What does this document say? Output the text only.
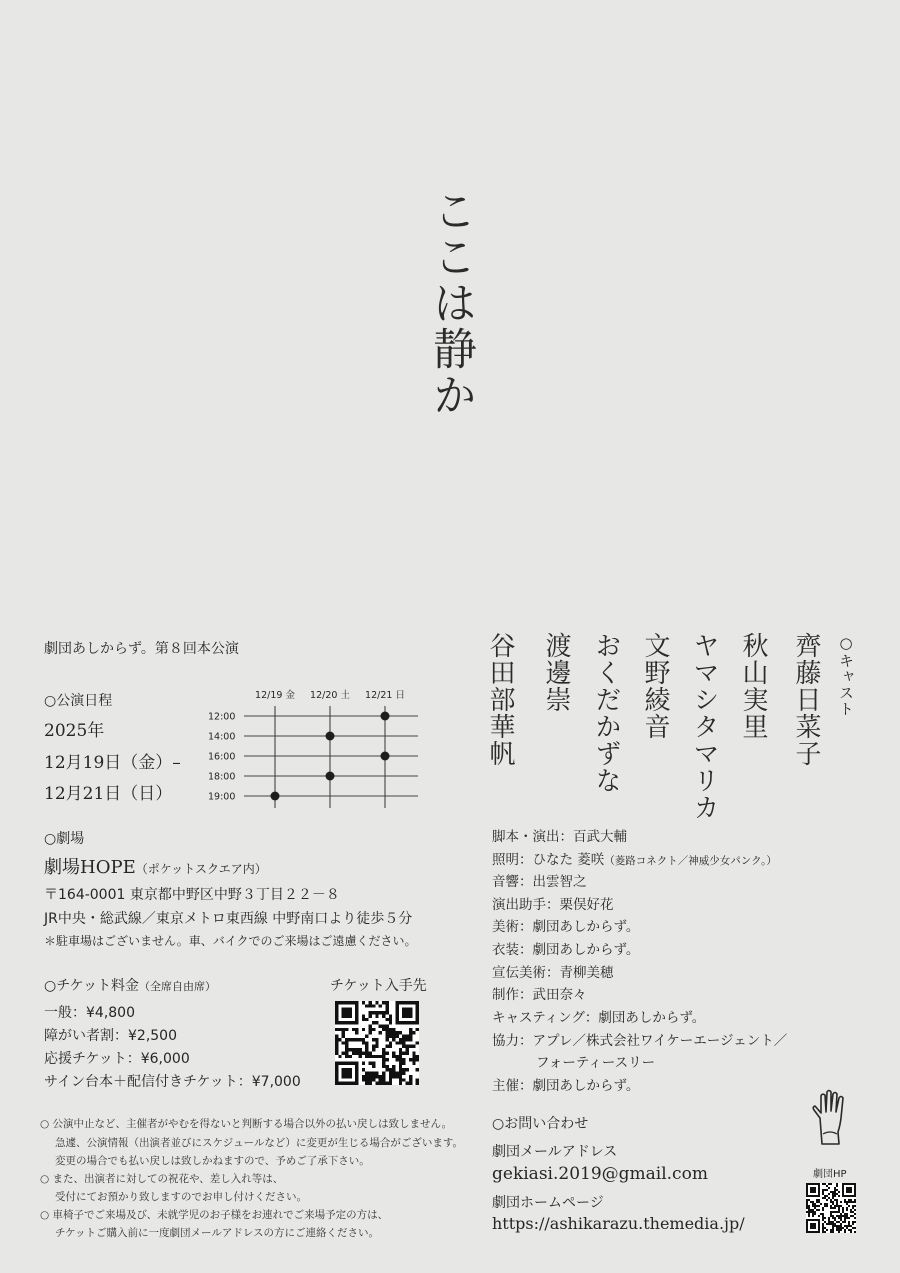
ここは静か
○キャスト
齊藤日菜子
秋山実里
ヤマシタマリカ
文野綾音
おくだかずな
渡邊崇
谷田部華帆
劇団あしからず。第８回本公演
○公演日程
2025年
12月19日（金）–
12月21日（日）
12/19 金 12/20 土 12/21 日
12:00
14:00
16:00
18:00
19:00
○劇場
劇場HOPE（ポケットスクエア内）
〒164-0001 東京都中野区中野３丁目２２－８
JR中央・総武線／東京メトロ東西線 中野南口より徒歩５分
＊駐車場はございません。車、バイクでのご来場はご遠慮ください。
○チケット料金（全席自由席）	チケット入手先
一般：¥4,800
障がい者割：¥2,500
応援チケット：¥6,000
サイン台本＋配信付きチケット：¥7,000
○ 公演中止など、主催者がやむを得ないと判断する場合以外の払い戻しは致しません。
急遽、公演情報（出演者並びにスケジュールなど）に変更が生じる場合がございます。
変更の場合でも払い戻しは致しかねますので、予めご了承下さい。
○ また、出演者に対しての祝花や、差し入れ等は、
受付にてお預かり致しますのでお申し付けください。
○ 車椅子でご来場及び、未就学児のお子様をお連れでご来場予定の方は、
チケットご購入前に一度劇団メールアドレスの方にご連絡ください。
脚本・演出：百武大輔
照明：ひなた 菱咲（菱路コネクト／神威少女パンク。）
音響：出雲智之
演出助手：栗俣好花
美術：劇団あしからず。
衣装：劇団あしからず。
宣伝美術：青柳美穂
制作：武田奈々
キャスティング：劇団あしからず。
協力：アプレ／株式会社ワイケーエージェント／
フォーティースリー
主催：劇団あしからず。
○お問い合わせ
劇団メールアドレス
gekiasi.2019@gmail.com
劇団ホームページ
https://ashikarazu.themedia.jp/
劇団HP
